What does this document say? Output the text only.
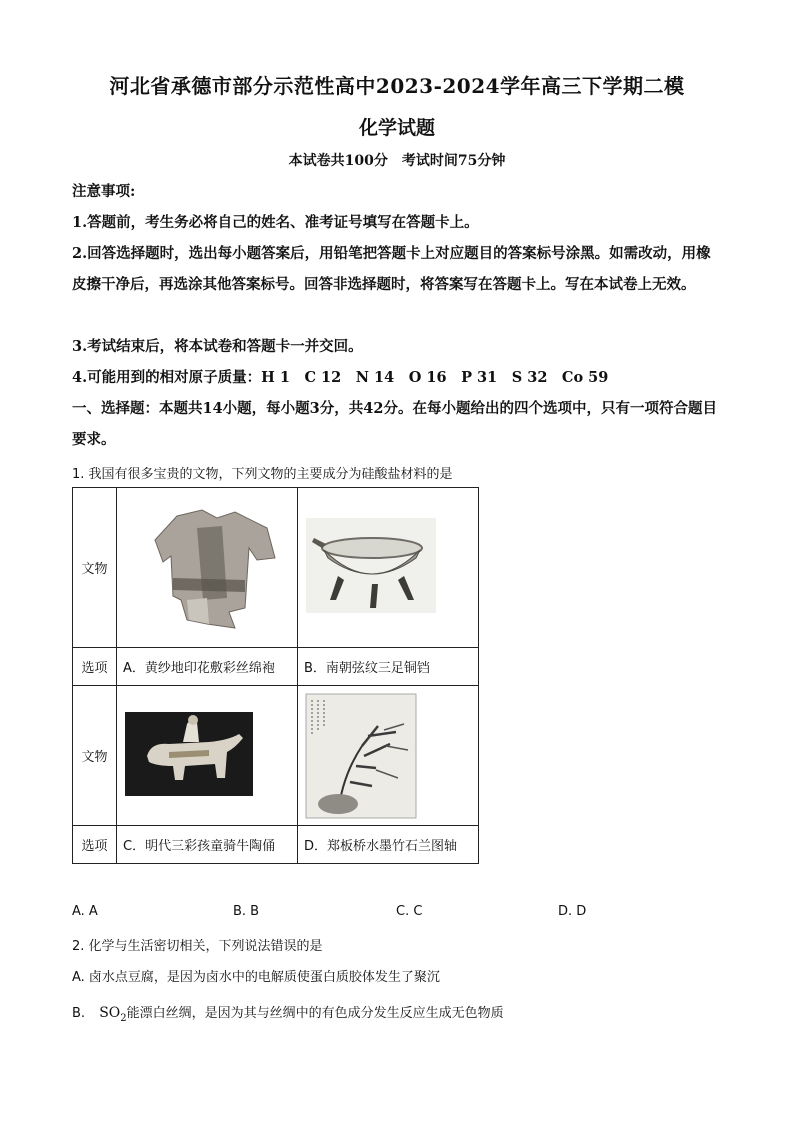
河北省承德市部分示范性高中2023-2024学年高三下学期二模
化学试题
本试卷共100分　考试时间75分钟
注意事项:
1.答题前，考生务必将自己的姓名、准考证号填写在答题卡上。
2.回答选择题时，选出每小题答案后，用铅笔把答题卡上对应题目的答案标号涂黑。如需改动，用橡皮擦干净后，再选涂其他答案标号。回答非选择题时，将答案写在答题卡上。写在本试卷上无效。
3.考试结束后，将本试卷和答题卡一并交回。
4.可能用到的相对原子质量：H 1　C 12　N 14　O 16　P 31　S 32　Co 59
一、选择题：本题共14小题，每小题3分，共42分。在每小题给出的四个选项中，只有一项符合题目要求。
1. 我国有很多宝贵的文物，下列文物的主要成分为硅酸盐材料的是
文物		
选项	A．黄纱地印花敷彩丝绵袍	B．南朝弦纹三足铜铛
文物		
选项	C．明代三彩孩童骑牛陶俑	D．郑板桥水墨竹石兰图轴
A. A	B. B	C. C	D. D
2. 化学与生活密切相关，下列说法错误的是
A. 卤水点豆腐，是因为卤水中的电解质使蛋白质胶体发生了聚沉
B. $SO_2$能漂白丝绸，是因为其与丝绸中的有色成分发生反应生成无色物质
